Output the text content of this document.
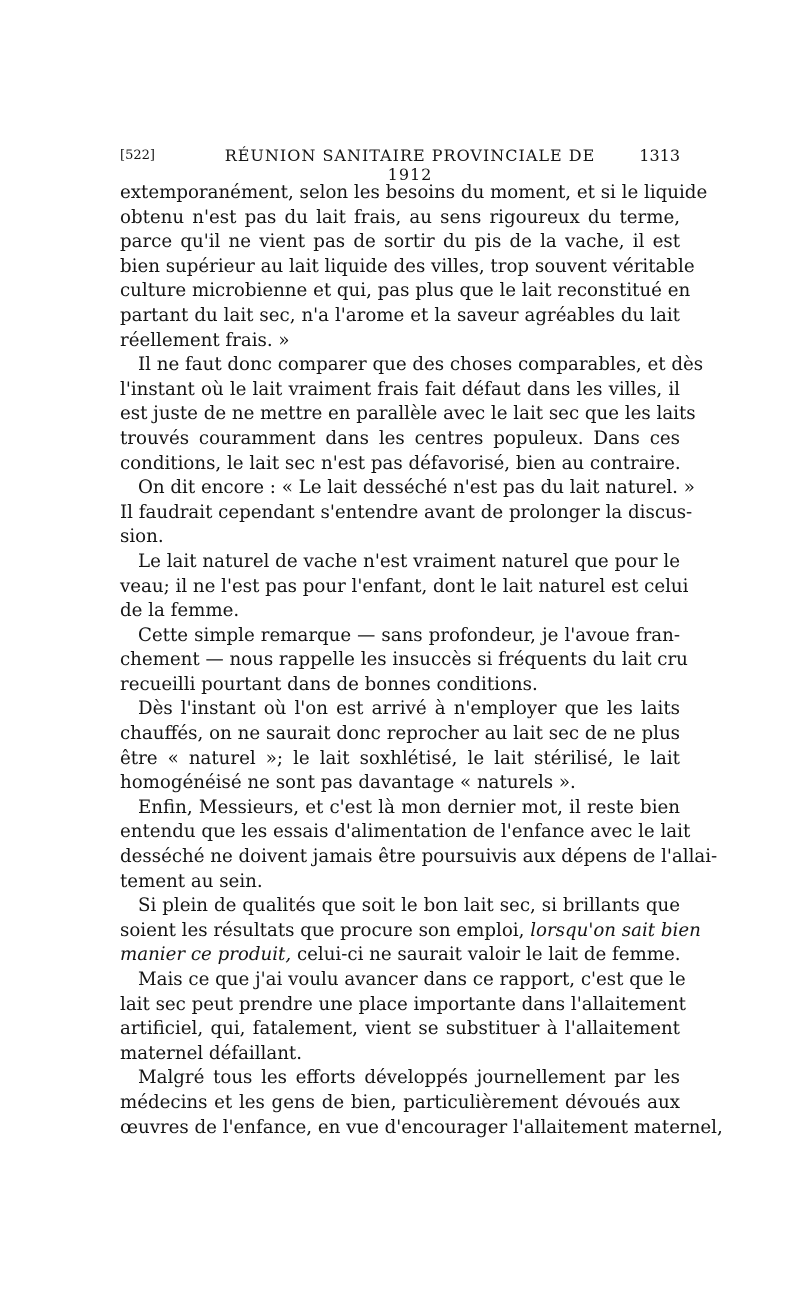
[522]	RÉUNION SANITAIRE PROVINCIALE DE 1912
1313
extemporanément, selon les besoins du moment, et si le liquide
obtenu n'est pas du lait frais, au sens rigoureux du terme,
parce qu'il ne vient pas de sortir du pis de la vache, il est
bien supérieur au lait liquide des villes, trop souvent véritable
culture microbienne et qui, pas plus que le lait reconstitué en
partant du lait sec, n'a l'arome et la saveur agréables du lait
réellement frais. »
Il ne faut donc comparer que des choses comparables, et dès
l'instant où le lait vraiment frais fait défaut dans les villes, il
est juste de ne mettre en parallèle avec le lait sec que les laits
trouvés couramment dans les centres populeux. Dans ces
conditions, le lait sec n'est pas défavorisé, bien au contraire.
On dit encore : « Le lait desséché n'est pas du lait naturel. »
Il faudrait cependant s'entendre avant de prolonger la discus-
sion.
Le lait naturel de vache n'est vraiment naturel que pour le
veau; il ne l'est pas pour l'enfant, dont le lait naturel est celui
de la femme.
Cette simple remarque — sans profondeur, je l'avoue fran-
chement — nous rappelle les insuccès si fréquents du lait cru
recueilli pourtant dans de bonnes conditions.
Dès l'instant où l'on est arrivé à n'employer que les laits
chauffés, on ne saurait donc reprocher au lait sec de ne plus
être « naturel »; le lait soxhlétisé, le lait stérilisé, le lait
homogénéisé ne sont pas davantage « naturels ».
Enfin, Messieurs, et c'est là mon dernier mot, il reste bien
entendu que les essais d'alimentation de l'enfance avec le lait
desséché ne doivent jamais être poursuivis aux dépens de l'allai-
tement au sein.
Si plein de qualités que soit le bon lait sec, si brillants que
soient les résultats que procure son emploi, lorsqu'on sait bien
manier ce produit, celui-ci ne saurait valoir le lait de femme.
Mais ce que j'ai voulu avancer dans ce rapport, c'est que le
lait sec peut prendre une place importante dans l'allaitement
artificiel, qui, fatalement, vient se substituer à l'allaitement
maternel défaillant.
Malgré tous les efforts développés journellement par les
médecins et les gens de bien, particulièrement dévoués aux
œuvres de l'enfance, en vue d'encourager l'allaitement maternel,
